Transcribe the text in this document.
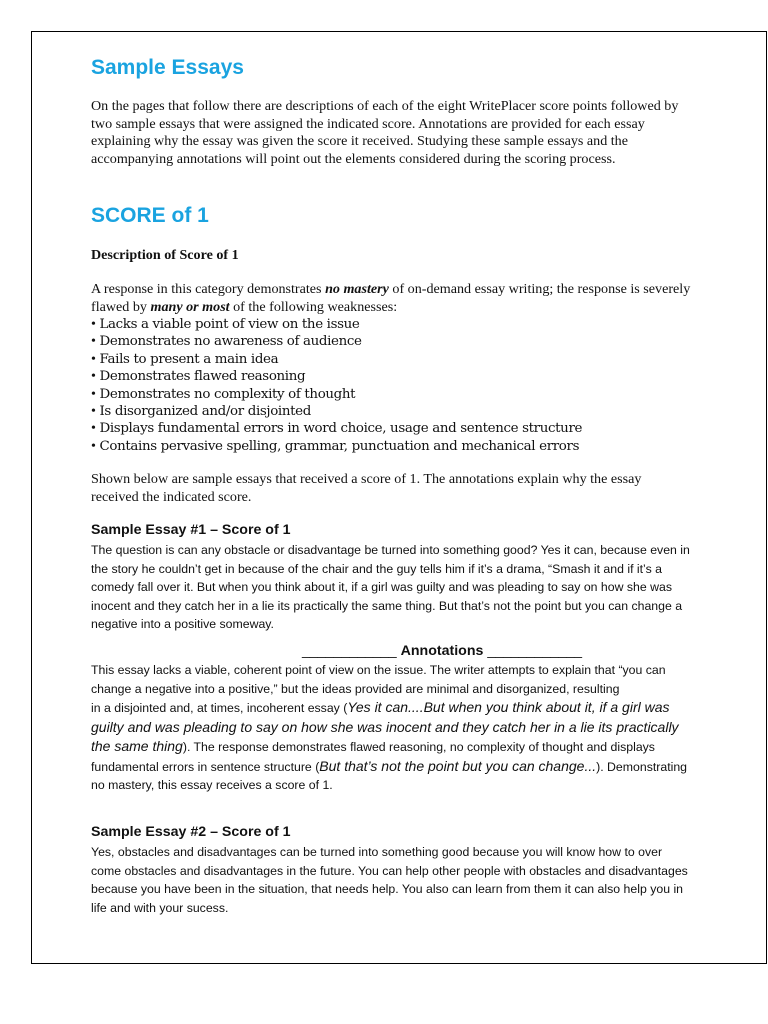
Sample Essays

On the pages that follow there are descriptions of each of the eight WritePlacer score points followed by two sample essays that were assigned the indicated score. Annotations are provided for each essay explaining why the essay was given the score it received. Studying these sample essays and the accompanying annotations will point out the elements considered during the scoring process.

SCORE of 1

Description of Score of 1

A response in this category demonstrates no mastery of on-demand essay writing; the response is severely flawed by many or most of the following weaknesses:
• Lacks a viable point of view on the issue
• Demonstrates no awareness of audience
• Fails to present a main idea
• Demonstrates flawed reasoning
• Demonstrates no complexity of thought
• Is disorganized and/or disjointed
• Displays fundamental errors in word choice, usage and sentence structure
• Contains pervasive spelling, grammar, punctuation and mechanical errors

Shown below are sample essays that received a score of 1. The annotations explain why the essay received the indicated score.

Sample Essay #1 – Score of 1
The question is can any obstacle or disadvantage be turned into something good? Yes it can, because even in the story he couldn’t get in because of the chair and the guy tells him if it’s a drama, “Smash it and if it’s a comedy fall over it. But when you think about it, if a girl was guilty and was pleading to say on how she was inocent and they catch her in a lie its practically the same thing. But that’s not the point but you can change a negative into a positive someway.
____________ Annotations ____________
This essay lacks a viable, coherent point of view on the issue. The writer attempts to explain that “you can change a negative into a positive,” but the ideas provided are minimal and disorganized, resulting
in a disjointed and, at times, incoherent essay (Yes it can....But when you think about it, if a girl was guilty and was pleading to say on how she was inocent and they catch her in a lie its practically the same thing). The response demonstrates flawed reasoning, no complexity of thought and displays fundamental errors in sentence structure (But that’s not the point but you can change...). Demonstrating no mastery, this essay receives a score of 1.
Sample Essay #2 – Score of 1
Yes, obstacles and disadvantages can be turned into something good because you will know how to over come obstacles and disadvantages in the future. You can help other people with obstacles and disadvantages because you have been in the situation, that needs help. You also can learn from them it can also help you in life and with your sucess.
